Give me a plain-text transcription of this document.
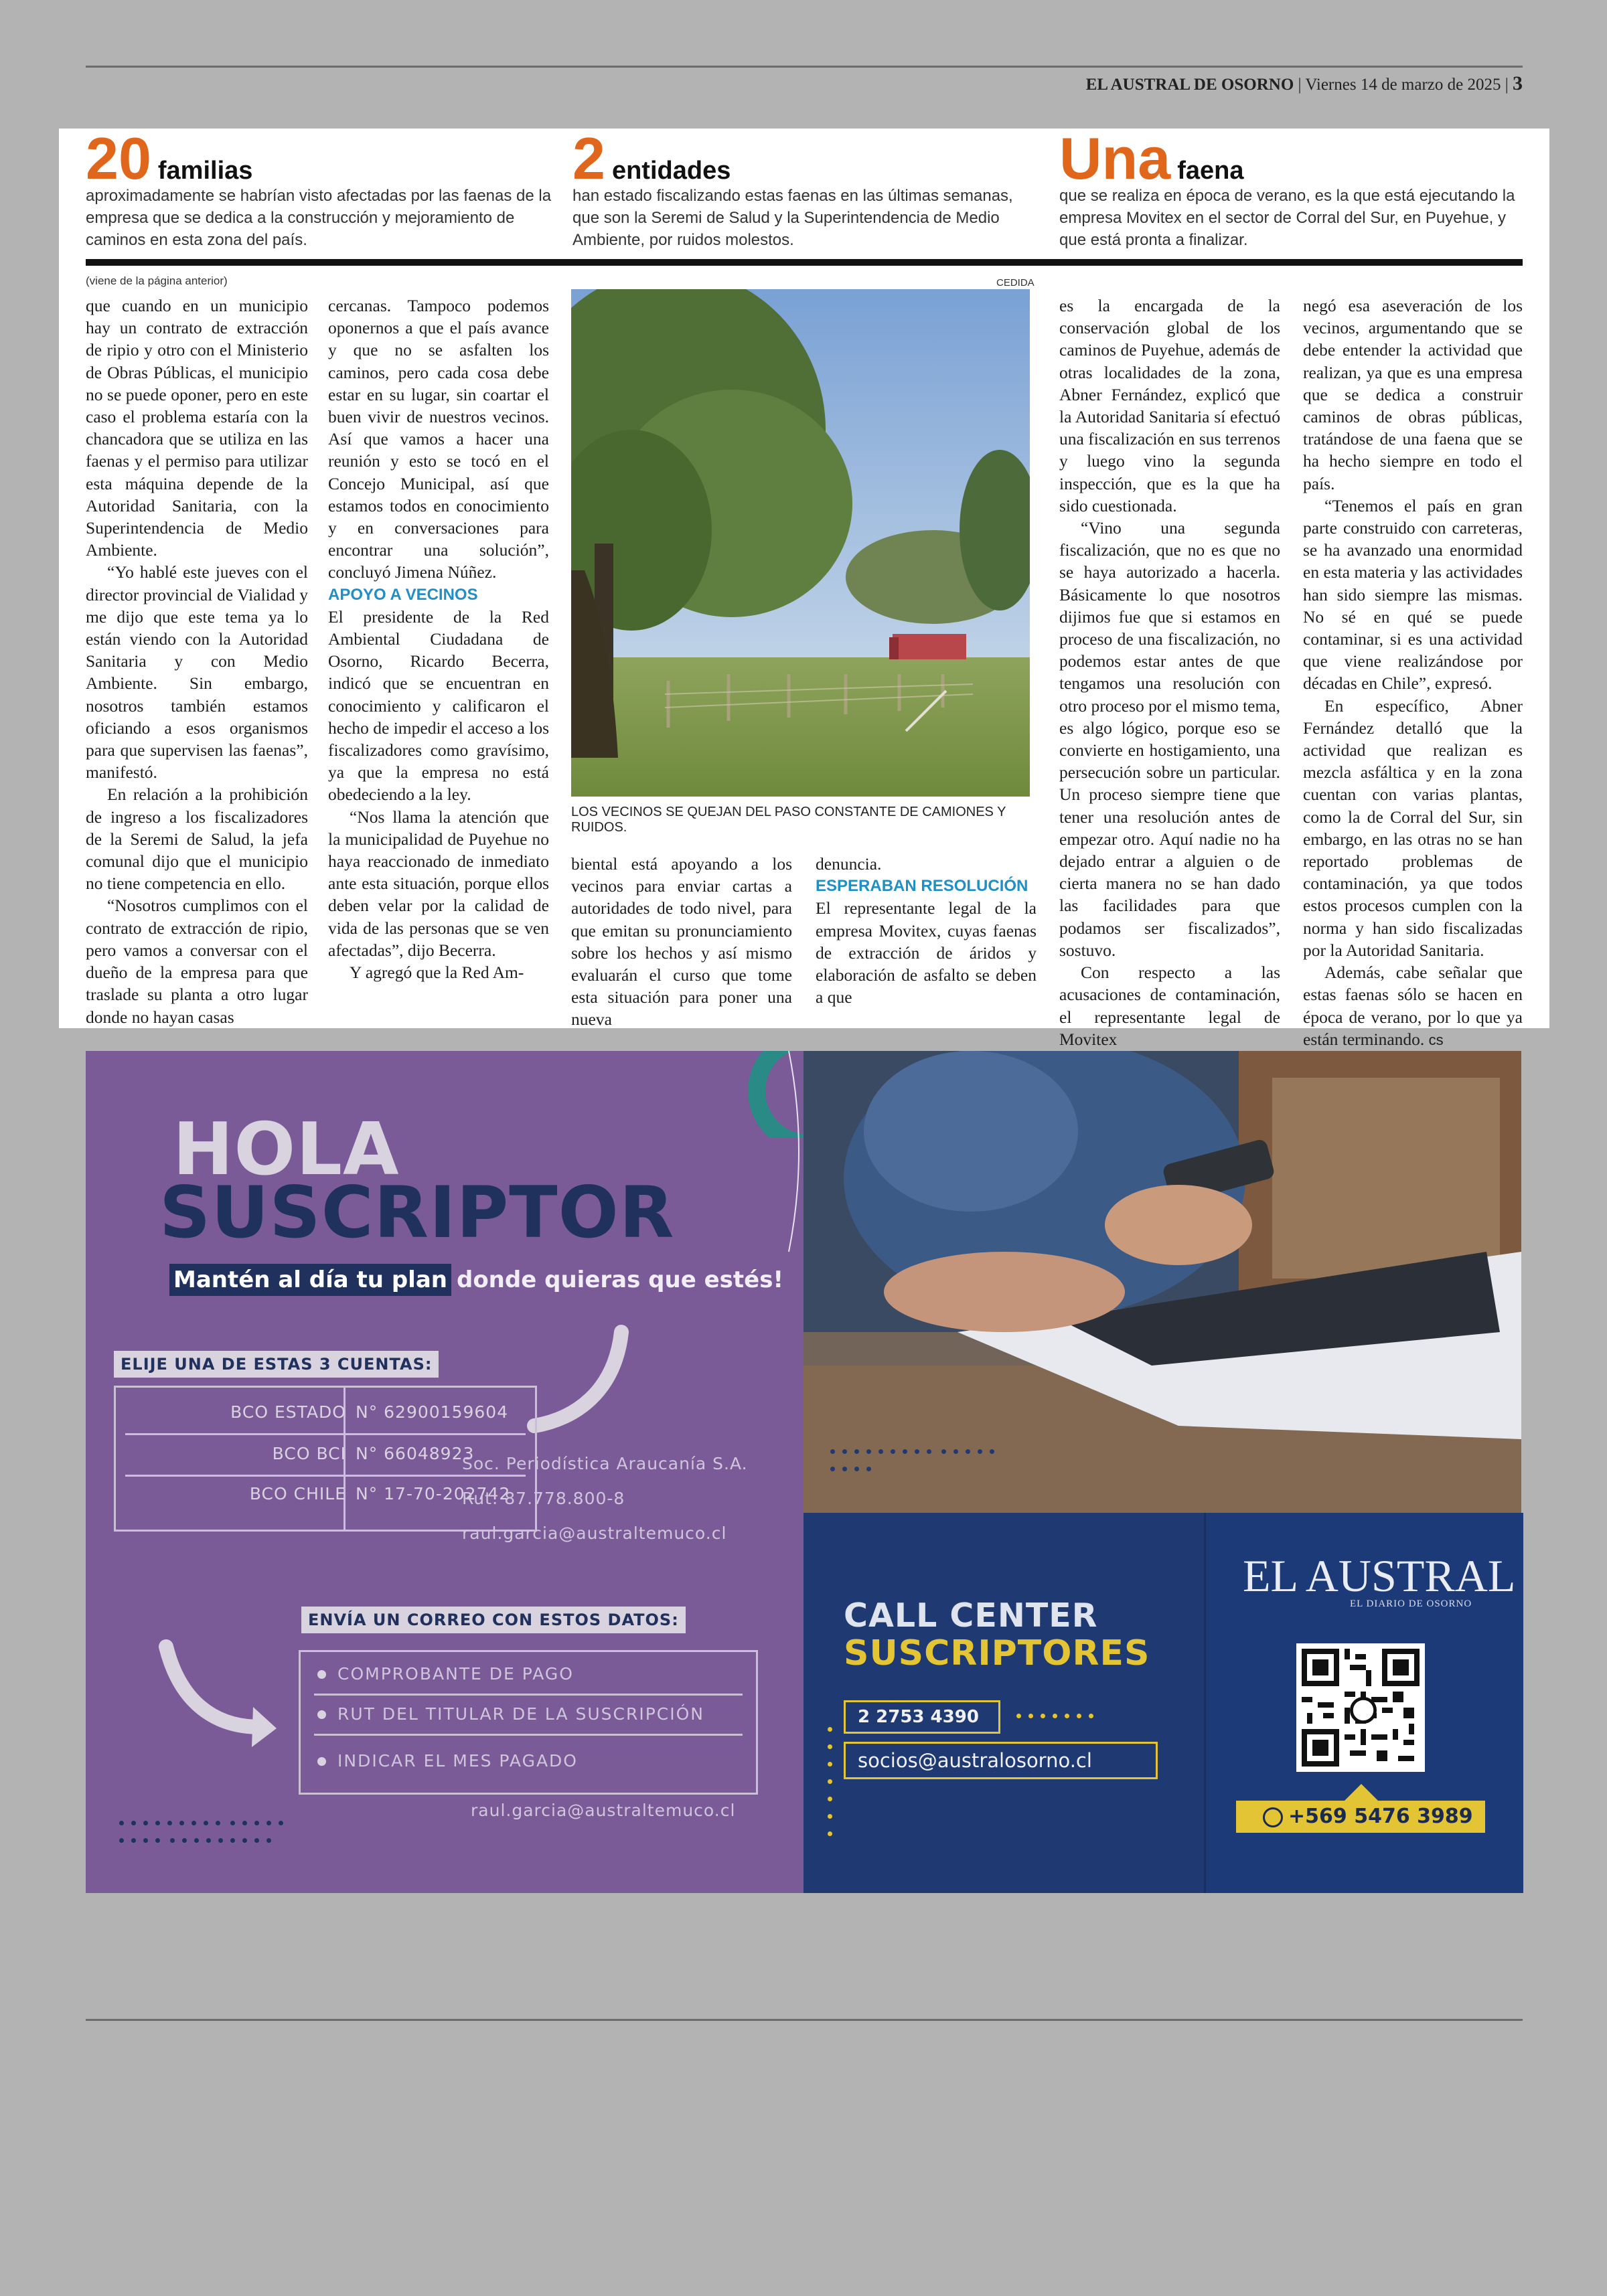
EL AUSTRAL DE OSORNO | Viernes 14 de marzo de 2025 | 3
20 familias
aproximadamente se habrían visto afectadas por las faenas de la empresa que se dedica a la construcción y mejoramiento de caminos en esta zona del país.
2 entidades
han estado fiscalizando estas faenas en las últimas semanas, que son la Seremi de Salud y la Superintendencia de Medio Ambiente, por ruidos molestos.
Una faena
que se realiza en época de verano, es la que está ejecutando la empresa Movitex en el sector de Corral del Sur, en Puyehue, y que está pronta a finalizar.
(viene de la página anterior)	CEDIDA

que cuando en un municipio hay un contrato de extracción de ripio y otro con el Ministerio de Obras Públicas, el municipio no se puede oponer, pero en este caso el problema estaría con la chancadora que se utiliza en las faenas y el permiso para utilizar esta máquina depende de la Autoridad Sanitaria, con la Superintendencia de Medio Ambiente.

“Yo hablé este jueves con el director provincial de Vialidad y me dijo que este tema ya lo están viendo con la Autoridad Sanitaria y con Medio Ambiente. Sin embargo, nosotros también estamos oficiando a esos organismos para que supervisen las faenas”, manifestó.

En relación a la prohibición de ingreso a los fiscalizadores de la Seremi de Salud, la jefa comunal dijo que el municipio no tiene competencia en ello.

“Nosotros cumplimos con el contrato de extracción de ripio, pero vamos a conversar con el dueño de la empresa para que traslade su planta a otro lugar donde no hayan casas

cercanas. Tampoco podemos oponernos a que el país avance y que no se asfalten los caminos, pero cada cosa debe estar en su lugar, sin coartar el buen vivir de nuestros vecinos. Así que vamos a hacer una reunión y esto se tocó en el Concejo Municipal, así que estamos todos en conocimiento y en conversaciones para encontrar una solución”, concluyó Jimena Núñez.

APOYO A VECINOS

El presidente de la Red Ambiental Ciudadana de Osorno, Ricardo Becerra, indicó que se encuentran en conocimiento y calificaron el hecho de impedir el acceso a los fiscalizadores como gravísimo, ya que la empresa no está obedeciendo a la ley.

“Nos llama la atención que la municipalidad de Puyehue no haya reaccionado de inmediato ante esta situación, porque ellos deben velar por la calidad de vida de las personas que se ven afectadas”, dijo Becerra.

Y agregó que la Red Am-

LOS VECINOS SE QUEJAN DEL PASO CONSTANTE DE CAMIONES Y RUIDOS.

biental está apoyando a los vecinos para enviar cartas a autoridades de todo nivel, para que emitan su pronunciamiento sobre los hechos y así mismo evaluarán el curso que tome esta situación para poner una nueva

denuncia.

ESPERABAN RESOLUCIÓN

El representante legal de la empresa Movitex, cuyas faenas de extracción de áridos y elaboración de asfalto se deben a que

es la encargada de la conservación global de los caminos de Puyehue, además de otras localidades de la zona, Abner Fernández, explicó que la Autoridad Sanitaria sí efectuó una fiscalización en sus terrenos y luego vino la segunda inspección, que es la que ha sido cuestionada.

“Vino una segunda fiscalización, que no es que no se haya autorizado a hacerla. Básicamente lo que nosotros dijimos fue que si estamos en proceso de una fiscalización, no podemos estar antes de que tengamos una resolución con otro proceso por el mismo tema, es algo lógico, porque eso se convierte en hostigamiento, una persecución sobre un particular. Un proceso siempre tiene que tener una resolución antes de empezar otro. Aquí nadie no ha dejado entrar a alguien o de cierta manera no se han dado las facilidades para que podamos ser fiscalizados”, sostuvo.

Con respecto a las acusaciones de contaminación, el representante legal de Movitex

negó esa aseveración de los vecinos, argumentando que se debe entender la actividad que realizan, ya que es una empresa que se dedica a construir caminos de obras públicas, tratándose de una faena que se ha hecho siempre en todo el país.

“Tenemos el país en gran parte construido con carreteras, se ha avanzado una enormidad en esta materia y las actividades han sido siempre las mismas. No sé en qué se puede contaminar, si es una actividad que viene realizándose por décadas en Chile”, expresó.

En específico, Abner Fernández detalló que la actividad que realizan es mezcla asfáltica y en la zona cuentan con varias plantas, como la de Corral del Sur, sin embargo, en las otras no se han reportado problemas de contaminación, ya que todos estos procesos cumplen con la norma y han sido fiscalizadas por la Autoridad Sanitaria.

Además, cabe señalar que estas faenas sólo se hacen en época de verano, por lo que ya están terminando. cs

HOLA
SUSCRIPTOR
Mantén al día tu plan donde quieras que estés!
ELIJE UNA DE ESTAS 3 CUENTAS:
BCO ESTADO N° 62900159604
BCO BCI N° 66048923
BCO CHILE N° 17-70-202742
Soc. Periodística Araucanía S.A.
Rut: 87.778.800-8
raul.garcia@australtemuco.cl
ENVÍA UN CORREO CON ESTOS DATOS:
COMPROBANTE DE PAGO
RUT DEL TITULAR DE LA SUSCRIPCIÓN
INDICAR EL MES PAGADO
raul.garcia@australtemuco.cl

CALL CENTER
SUSCRIPTORES
2 2753 4390
socios@australosorno.cl
EL AUSTRAL
EL DIARIO DE OSORNO
+569 5476 3989
